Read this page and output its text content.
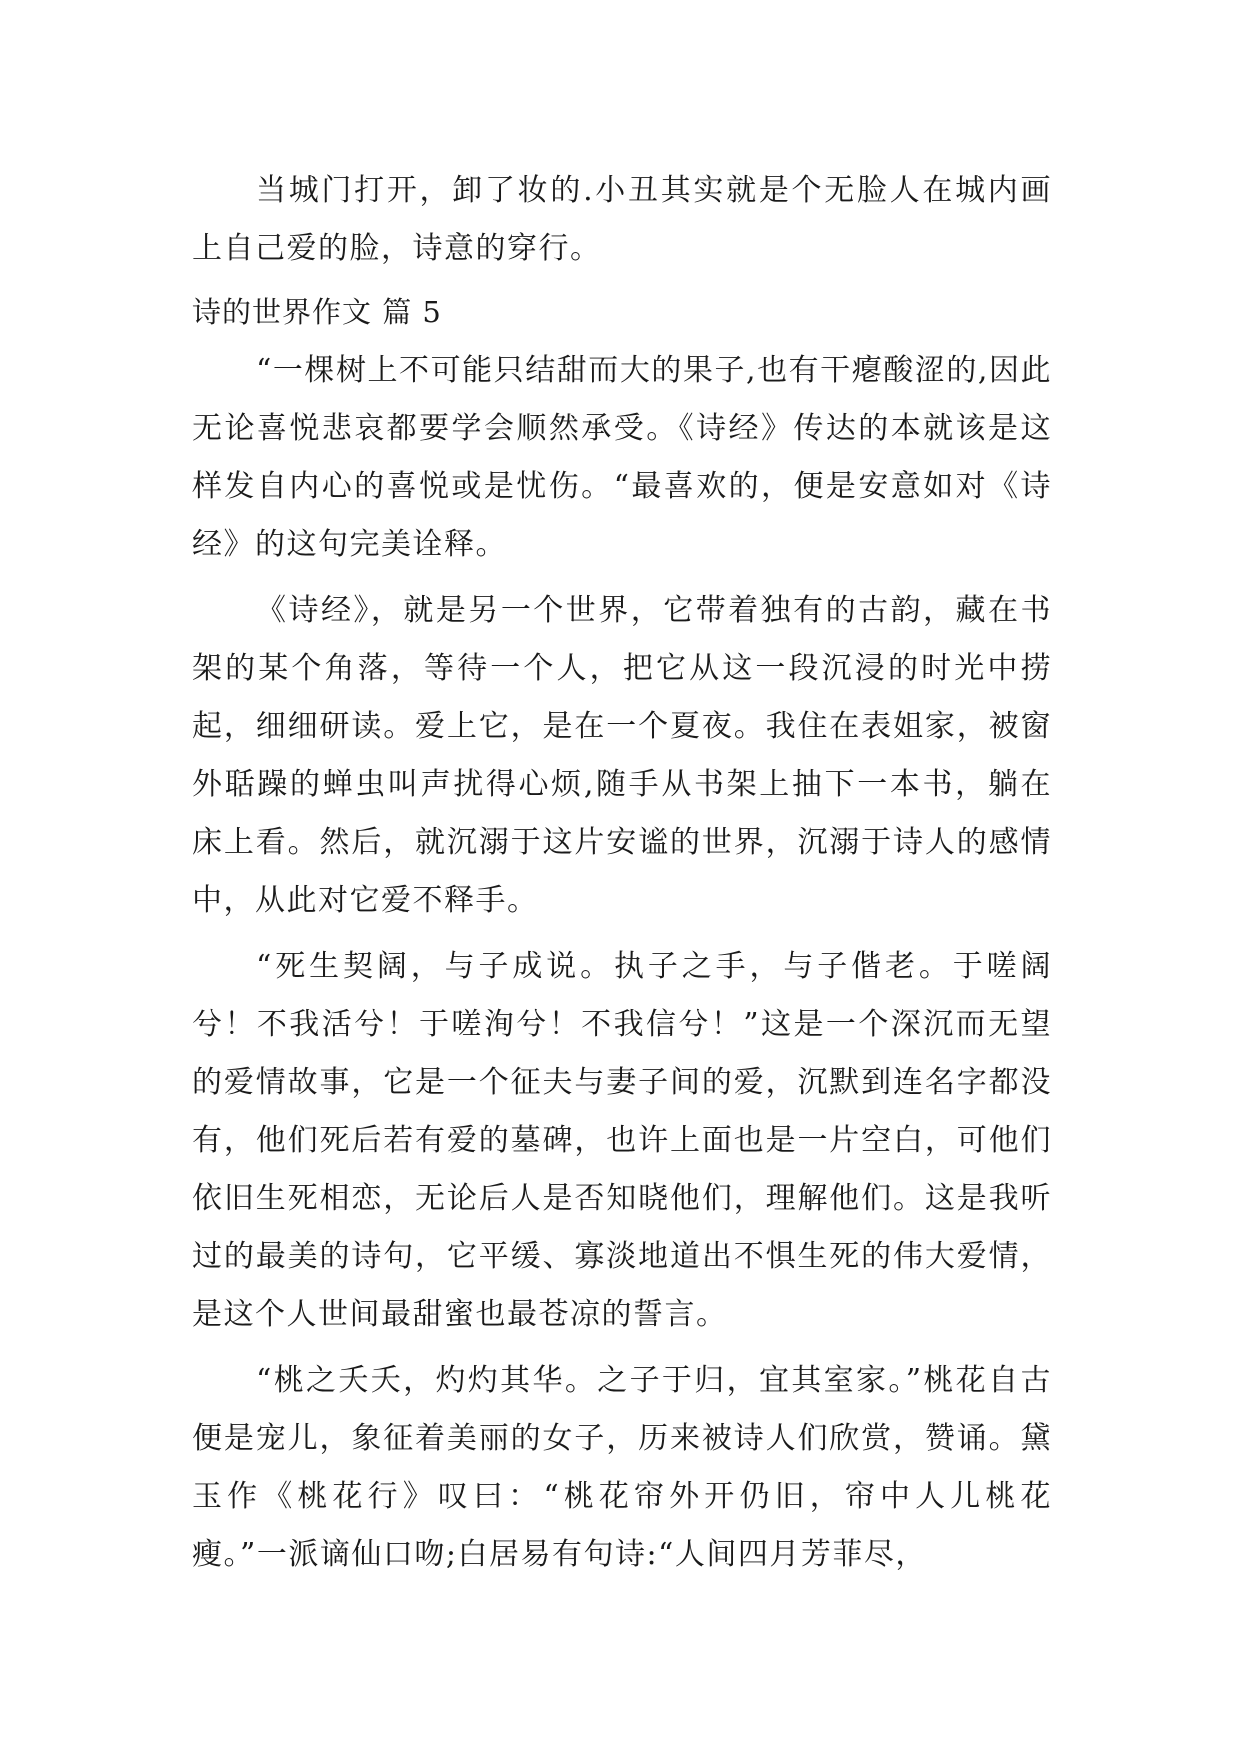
当城门打开，卸了妆的.小丑其实就是个无脸人在城内画上自己爱的脸，诗意的穿行。

诗的世界作文 篇 5

“一棵树上不可能只结甜而大的果子,也有干瘪酸涩的,因此无论喜悦悲哀都要学会顺然承受。《诗经》传达的本就该是这样发自内心的喜悦或是忧伤。“最喜欢的，便是安意如对《诗经》的这句完美诠释。

《诗经》，就是另一个世界，它带着独有的古韵，藏在书架的某个角落，等待一个人，把它从这一段沉浸的时光中捞起，细细研读。爱上它，是在一个夏夜。我住在表姐家，被窗外聒躁的蝉虫叫声扰得心烦,随手从书架上抽下一本书，躺在床上看。然后，就沉溺于这片安谧的世界，沉溺于诗人的感情中，从此对它爱不释手。

“死生契阔，与子成说。执子之手，与子偕老。于嗟阔兮！不我活兮！于嗟洵兮！不我信兮！”这是一个深沉而无望的爱情故事，它是一个征夫与妻子间的爱，沉默到连名字都没有，他们死后若有爱的墓碑，也许上面也是一片空白，可他们依旧生死相恋，无论后人是否知晓他们，理解他们。这是我听过的最美的诗句，它平缓、寡淡地道出不惧生死的伟大爱情，是这个人世间最甜蜜也最苍凉的誓言。

“桃之夭夭，灼灼其华。之子于归，宜其室家。”桃花自古便是宠儿，象征着美丽的女子，历来被诗人们欣赏，赞诵。黛玉作《桃花行》叹曰：“桃花帘外开仍旧，帘中人儿桃花瘦。”一派谪仙口吻;白居易有句诗:“人间四月芳菲尽，
